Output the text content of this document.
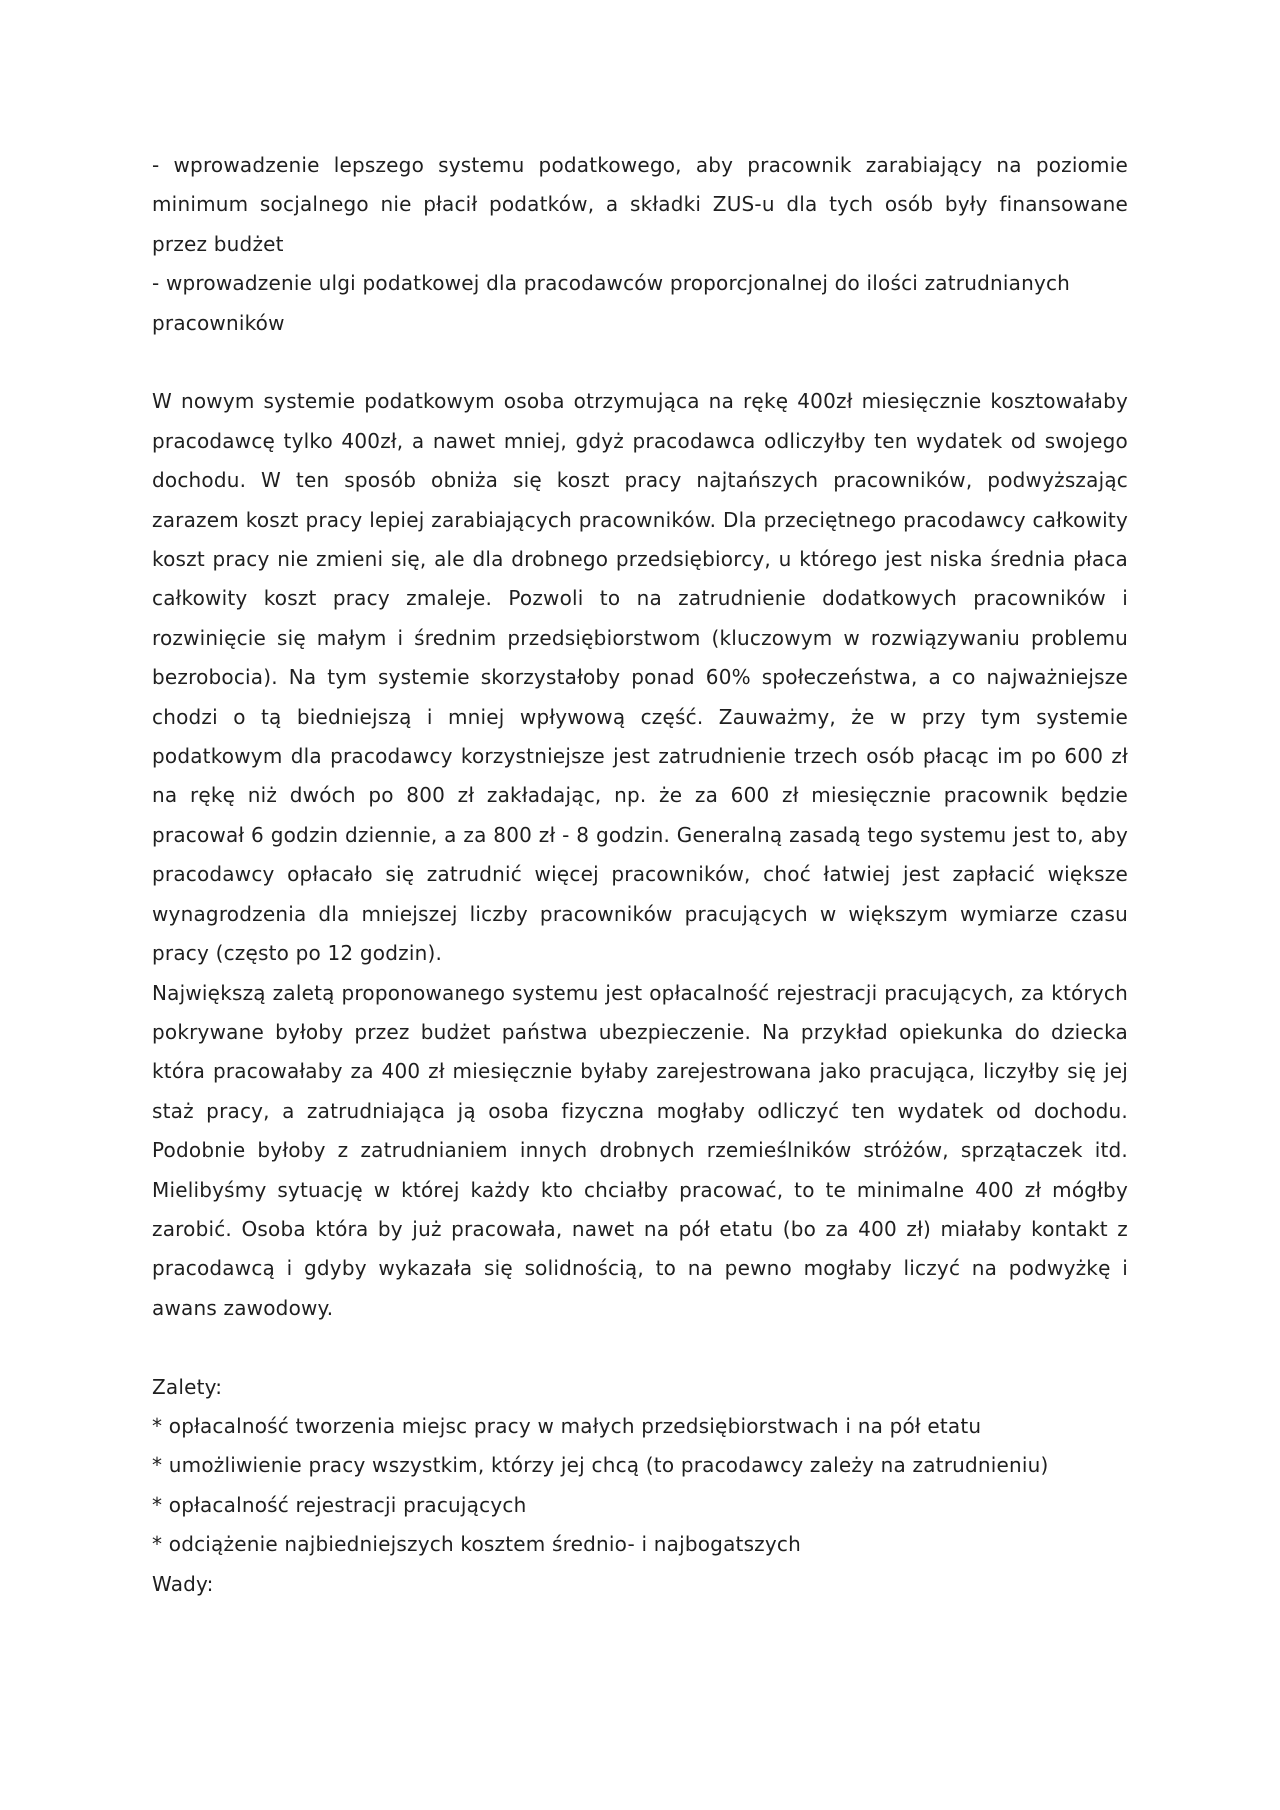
- wprowadzenie lepszego systemu podatkowego, aby pracownik zarabiający na poziomie minimum socjalnego nie płacił podatków, a składki ZUS-u dla tych osób były finansowane przez budżet

- wprowadzenie ulgi podatkowej dla pracodawców proporcjonalnej do ilości zatrudnianych pracowników

W nowym systemie podatkowym osoba otrzymująca na rękę 400zł miesięcznie kosztowałaby pracodawcę tylko 400zł, a nawet mniej, gdyż pracodawca odliczyłby ten wydatek od swojego dochodu. W ten sposób obniża się koszt pracy najtańszych pracowników, podwyższając zarazem koszt pracy lepiej zarabiających pracowników. Dla przeciętnego pracodawcy całkowity koszt pracy nie zmieni się, ale dla drobnego przedsiębiorcy, u którego jest niska średnia płaca całkowity koszt pracy zmaleje. Pozwoli to na zatrudnienie dodatkowych pracowników i rozwinięcie się małym i średnim przedsiębiorstwom (kluczowym w rozwiązywaniu problemu bezrobocia). Na tym systemie skorzystałoby ponad 60% społeczeństwa, a co najważniejsze chodzi o tą biedniejszą i mniej wpływową część. Zauważmy, że w przy tym systemie podatkowym dla pracodawcy korzystniejsze jest zatrudnienie trzech osób płacąc im po 600 zł na rękę niż dwóch po 800 zł zakładając, np. że za 600 zł miesięcznie pracownik będzie pracował 6 godzin dziennie, a za 800 zł - 8 godzin. Generalną zasadą tego systemu jest to, aby pracodawcy opłacało się zatrudnić więcej pracowników, choć łatwiej jest zapłacić większe wynagrodzenia dla mniejszej liczby pracowników pracujących w większym wymiarze czasu pracy (często po 12 godzin).

Największą zaletą proponowanego systemu jest opłacalność rejestracji pracujących, za których pokrywane byłoby przez budżet państwa ubezpieczenie. Na przykład opiekunka do dziecka która pracowałaby za 400 zł miesięcznie byłaby zarejestrowana jako pracująca, liczyłby się jej staż pracy, a zatrudniająca ją osoba fizyczna mogłaby odliczyć ten wydatek od dochodu. Podobnie byłoby z zatrudnianiem innych drobnych rzemieślników stróżów, sprzątaczek itd. Mielibyśmy sytuację w której każdy kto chciałby pracować, to te minimalne 400 zł mógłby zarobić. Osoba która by już pracowała, nawet na pół etatu (bo za 400 zł) miałaby kontakt z pracodawcą i gdyby wykazała się solidnością, to na pewno mogłaby liczyć na podwyżkę i awans zawodowy.

Zalety:

* opłacalność tworzenia miejsc pracy w małych przedsiębiorstwach i na pół etatu

* umożliwienie pracy wszystkim, którzy jej chcą (to pracodawcy zależy na zatrudnieniu)

* opłacalność rejestracji pracujących

* odciążenie najbiedniejszych kosztem średnio- i najbogatszych

Wady:
